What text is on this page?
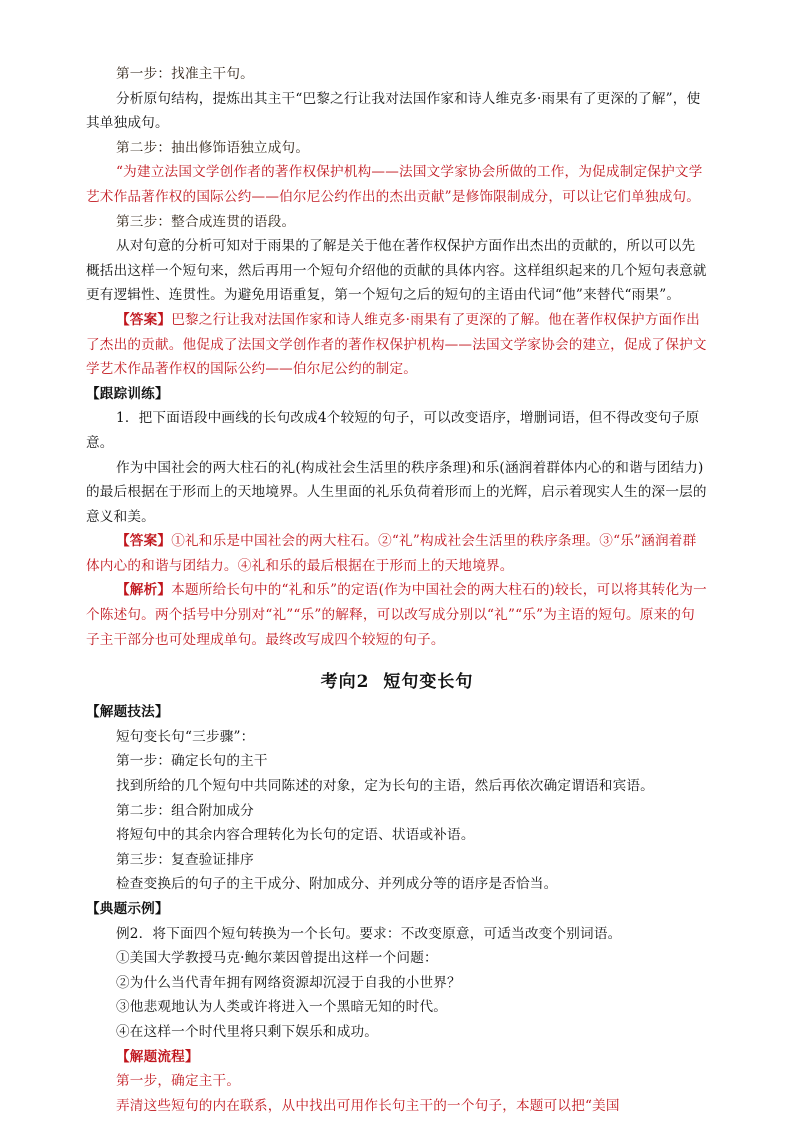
第一步：找准主干句。

分析原句结构，提炼出其主干“巴黎之行让我对法国作家和诗人维克多·雨果有了更深的了解”，使其单独成句。

第二步：抽出修饰语独立成句。

“为建立法国文学创作者的著作权保护机构——法国文学家协会所做的工作，为促成制定保护文学艺术作品著作权的国际公约——伯尔尼公约作出的杰出贡献”是修饰限制成分，可以让它们单独成句。

第三步：整合成连贯的语段。

从对句意的分析可知对于雨果的了解是关于他在著作权保护方面作出杰出的贡献的，所以可以先概括出这样一个短句来，然后再用一个短句介绍他的贡献的具体内容。这样组织起来的几个短句表意就更有逻辑性、连贯性。为避免用语重复，第一个短句之后的短句的主语由代词“他”来替代“雨果”。

【答案】巴黎之行让我对法国作家和诗人维克多·雨果有了更深的了解。他在著作权保护方面作出了杰出的贡献。他促成了法国文学创作者的著作权保护机构——法国文学家协会的建立，促成了保护文学艺术作品著作权的国际公约——伯尔尼公约的制定。

【跟踪训练】

1．把下面语段中画线的长句改成4个较短的句子，可以改变语序，增删词语，但不得改变句子原意。

作为中国社会的两大柱石的礼(构成社会生活里的秩序条理)和乐(涵润着群体内心的和谐与团结力)的最后根据在于形而上的天地境界。人生里面的礼乐负荷着形而上的光辉，启示着现实人生的深一层的意义和美。

【答案】①礼和乐是中国社会的两大柱石。②“礼”构成社会生活里的秩序条理。③“乐”涵润着群体内心的和谐与团结力。④礼和乐的最后根据在于形而上的天地境界。

【解析】本题所给长句中的“礼和乐”的定语(作为中国社会的两大柱石的)较长，可以将其转化为一个陈述句。两个括号中分别对“礼”“乐”的解释，可以改写成分别以“礼”“乐”为主语的短句。原来的句子主干部分也可处理成单句。最终改写成四个较短的句子。

考向2 短句变长句

【解题技法】

短句变长句“三步骤”：

第一步：确定长句的主干

找到所给的几个短句中共同陈述的对象，定为长句的主语，然后再依次确定谓语和宾语。

第二步：组合附加成分

将短句中的其余内容合理转化为长句的定语、状语或补语。

第三步：复查验证排序

检查变换后的句子的主干成分、附加成分、并列成分等的语序是否恰当。

【典题示例】

例2．将下面四个短句转换为一个长句。要求：不改变原意，可适当改变个别词语。

①美国大学教授马克·鲍尔莱因曾提出这样一个问题：

②为什么当代青年拥有网络资源却沉浸于自我的小世界？

③他悲观地认为人类或许将进入一个黑暗无知的时代。

④在这样一个时代里将只剩下娱乐和成功。

【解题流程】

第一步，确定主干。

弄清这些短句的内在联系，从中找出可用作长句主干的一个句子，本题可以把“美国
